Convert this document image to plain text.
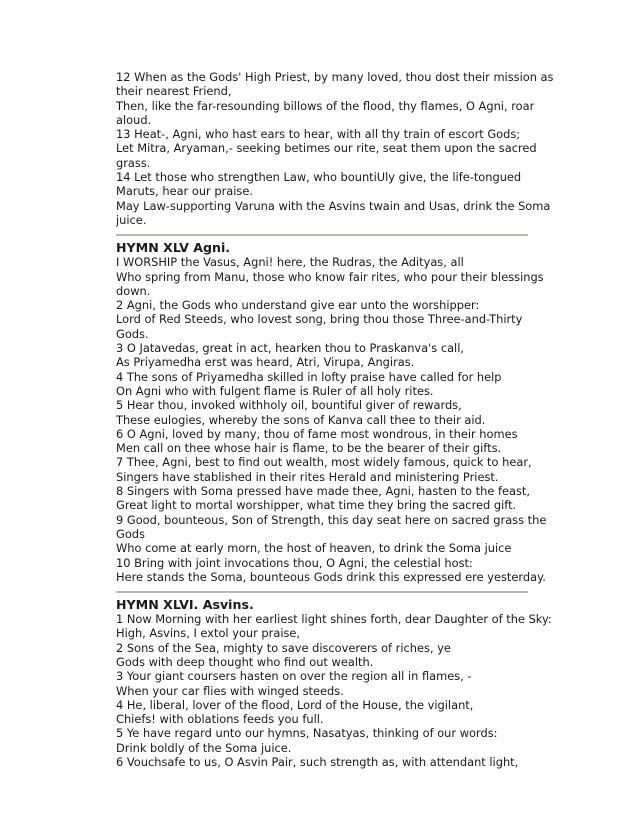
12 When as the Gods' High Priest, by many loved, thou dost their mission as
their nearest Friend,
Then, like the far-resounding billows of the flood, thy flames, O Agni, roar
aloud.
13 Heat-, Agni, who hast ears to hear, with all thy train of escort Gods;
Let Mitra, Aryaman,- seeking betimes our rite, seat them upon the sacred
grass.
14 Let those who strengthen Law, who bountiUly give, the life-tongued
Maruts, hear our praise.
May Law-supporting Varuna with the Asvins twain and Usas, drink the Soma
juice.
HYMN XLV Agni.
I WORSHIP the Vasus, Agni! here, the Rudras, the Adityas, all
Who spring from Manu, those who know fair rites, who pour their blessings
down.
2 Agni, the Gods who understand give ear unto the worshipper:
Lord of Red Steeds, who lovest song, bring thou those Three-and-Thirty
Gods.
3 O Jatavedas, great in act, hearken thou to Praskanva's call,
As Priyamedha erst was heard, Atri, Virupa, Angiras.
4 The sons of Priyamedha skilled in lofty praise have called for help
On Agni who with fulgent flame is Ruler of all holy rites.
5 Hear thou, invoked withholy oil, bountiful giver of rewards,
These eulogies, whereby the sons of Kanva call thee to their aid.
6 O Agni, loved by many, thou of fame most wondrous, in their homes
Men call on thee whose hair is flame, to be the bearer of their gifts.
7 Thee, Agni, best to find out wealth, most widely famous, quick to hear,
Singers have stablished in their rites Herald and ministering Priest.
8 Singers with Soma pressed have made thee, Agni, hasten to the feast,
Great light to mortal worshipper, what time they bring the sacred gift.
9 Good, bounteous, Son of Strength, this day seat here on sacred grass the
Gods
Who come at early morn, the host of heaven, to drink the Soma juice
10 Bring with joint invocations thou, O Agni, the celestial host:
Here stands the Soma, bounteous Gods drink this expressed ere yesterday.
HYMN XLVI. Asvins.
1 Now Morning with her earliest light shines forth, dear Daughter of the Sky:
High, Asvins, I extol your praise,
2 Sons of the Sea, mighty to save discoverers of riches, ye
Gods with deep thought who find out wealth.
3 Your giant coursers hasten on over the region all in flames, -
When your car flies with winged steeds.
4 He, liberal, lover of the flood, Lord of the House, the vigilant,
Chiefs! with oblations feeds you full.
5 Ye have regard unto our hymns, Nasatyas, thinking of our words:
Drink boldly of the Soma juice.
6 Vouchsafe to us, O Asvin Pair, such strength as, with attendant light,
